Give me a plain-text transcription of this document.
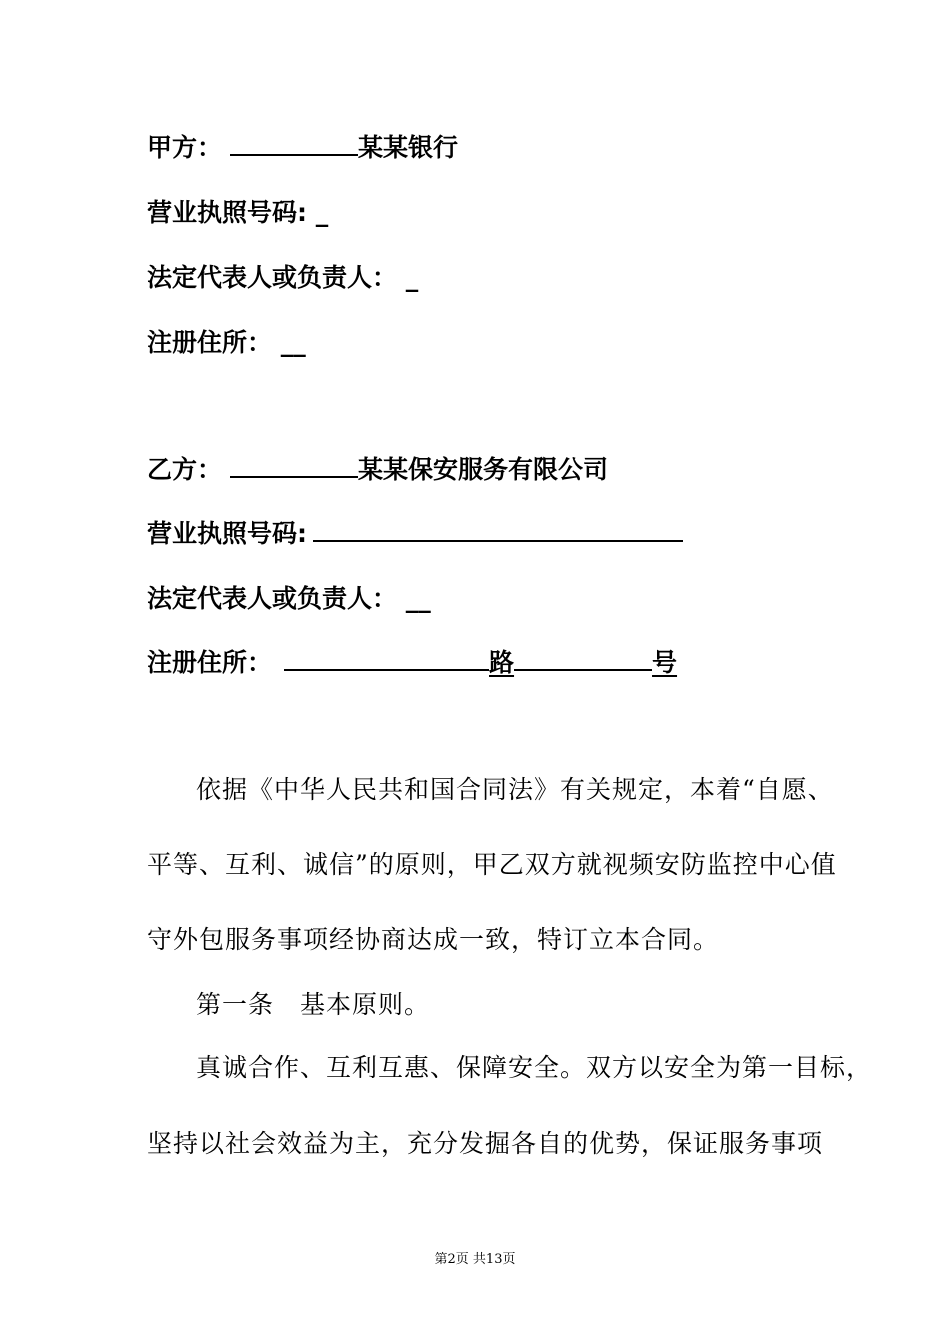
甲方：	某某银行
营业执照号码: _
法定代表人或负责人： _
注册住所： __
乙方：	某某保安服务有限公司
营业执照号码:
法定代表人或负责人： __
注册住所：	路	号
依据《中华人民共和国合同法》有关规定，本着“自愿、
平等、互利、诚信”的原则，甲乙双方就视频安防监控中心值
守外包服务事项经协商达成一致，特订立本合同。
第一条　基本原则。
真诚合作、互利互惠、保障安全。双方以安全为第一目标，
坚持以社会效益为主，充分发掘各自的优势，保证服务事项
第2页 共13页
